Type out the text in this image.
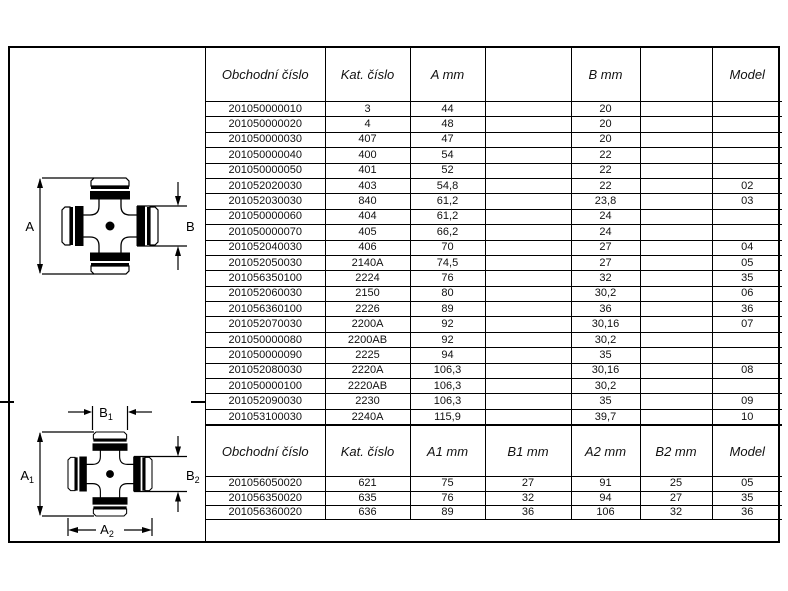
A	B
$B_1$
$A_1$	$B_2$
$A_2$
Obchodní číslo	Kat. číslo	A mm		B mm		Model
201050000010	3	44		20		
201050000020	4	48		20		
201050000030	407	47		20		
201050000040	400	54		22		
201050000050	401	52		22		
201052020030	403	54,8		22		02
201052030030	840	61,2		23,8		03
201050000060	404	61,2		24		
201050000070	405	66,2		24		
201052040030	406	70		27		04
201052050030	2140A	74,5		27		05
201056350100	2224	76		32		35
201052060030	2150	80		30,2		06
201056360100	2226	89		36		36
201052070030	2200A	92		30,16		07
201050000080	2200AB	92		30,2		
201050000090	2225	94		35		
201052080030	2220A	106,3		30,16		08
201050000100	2220AB	106,3		30,2		
201052090030	2230	106,3		35		09
201053100030	2240A	115,9		39,7		10
Obchodní číslo	Kat. číslo	A1 mm	B1 mm	A2 mm	B2 mm	Model
201056050020	621	75	27	91	25	05
201056350020	635	76	32	94	27	35
201056360020	636	89	36	106	32	36
